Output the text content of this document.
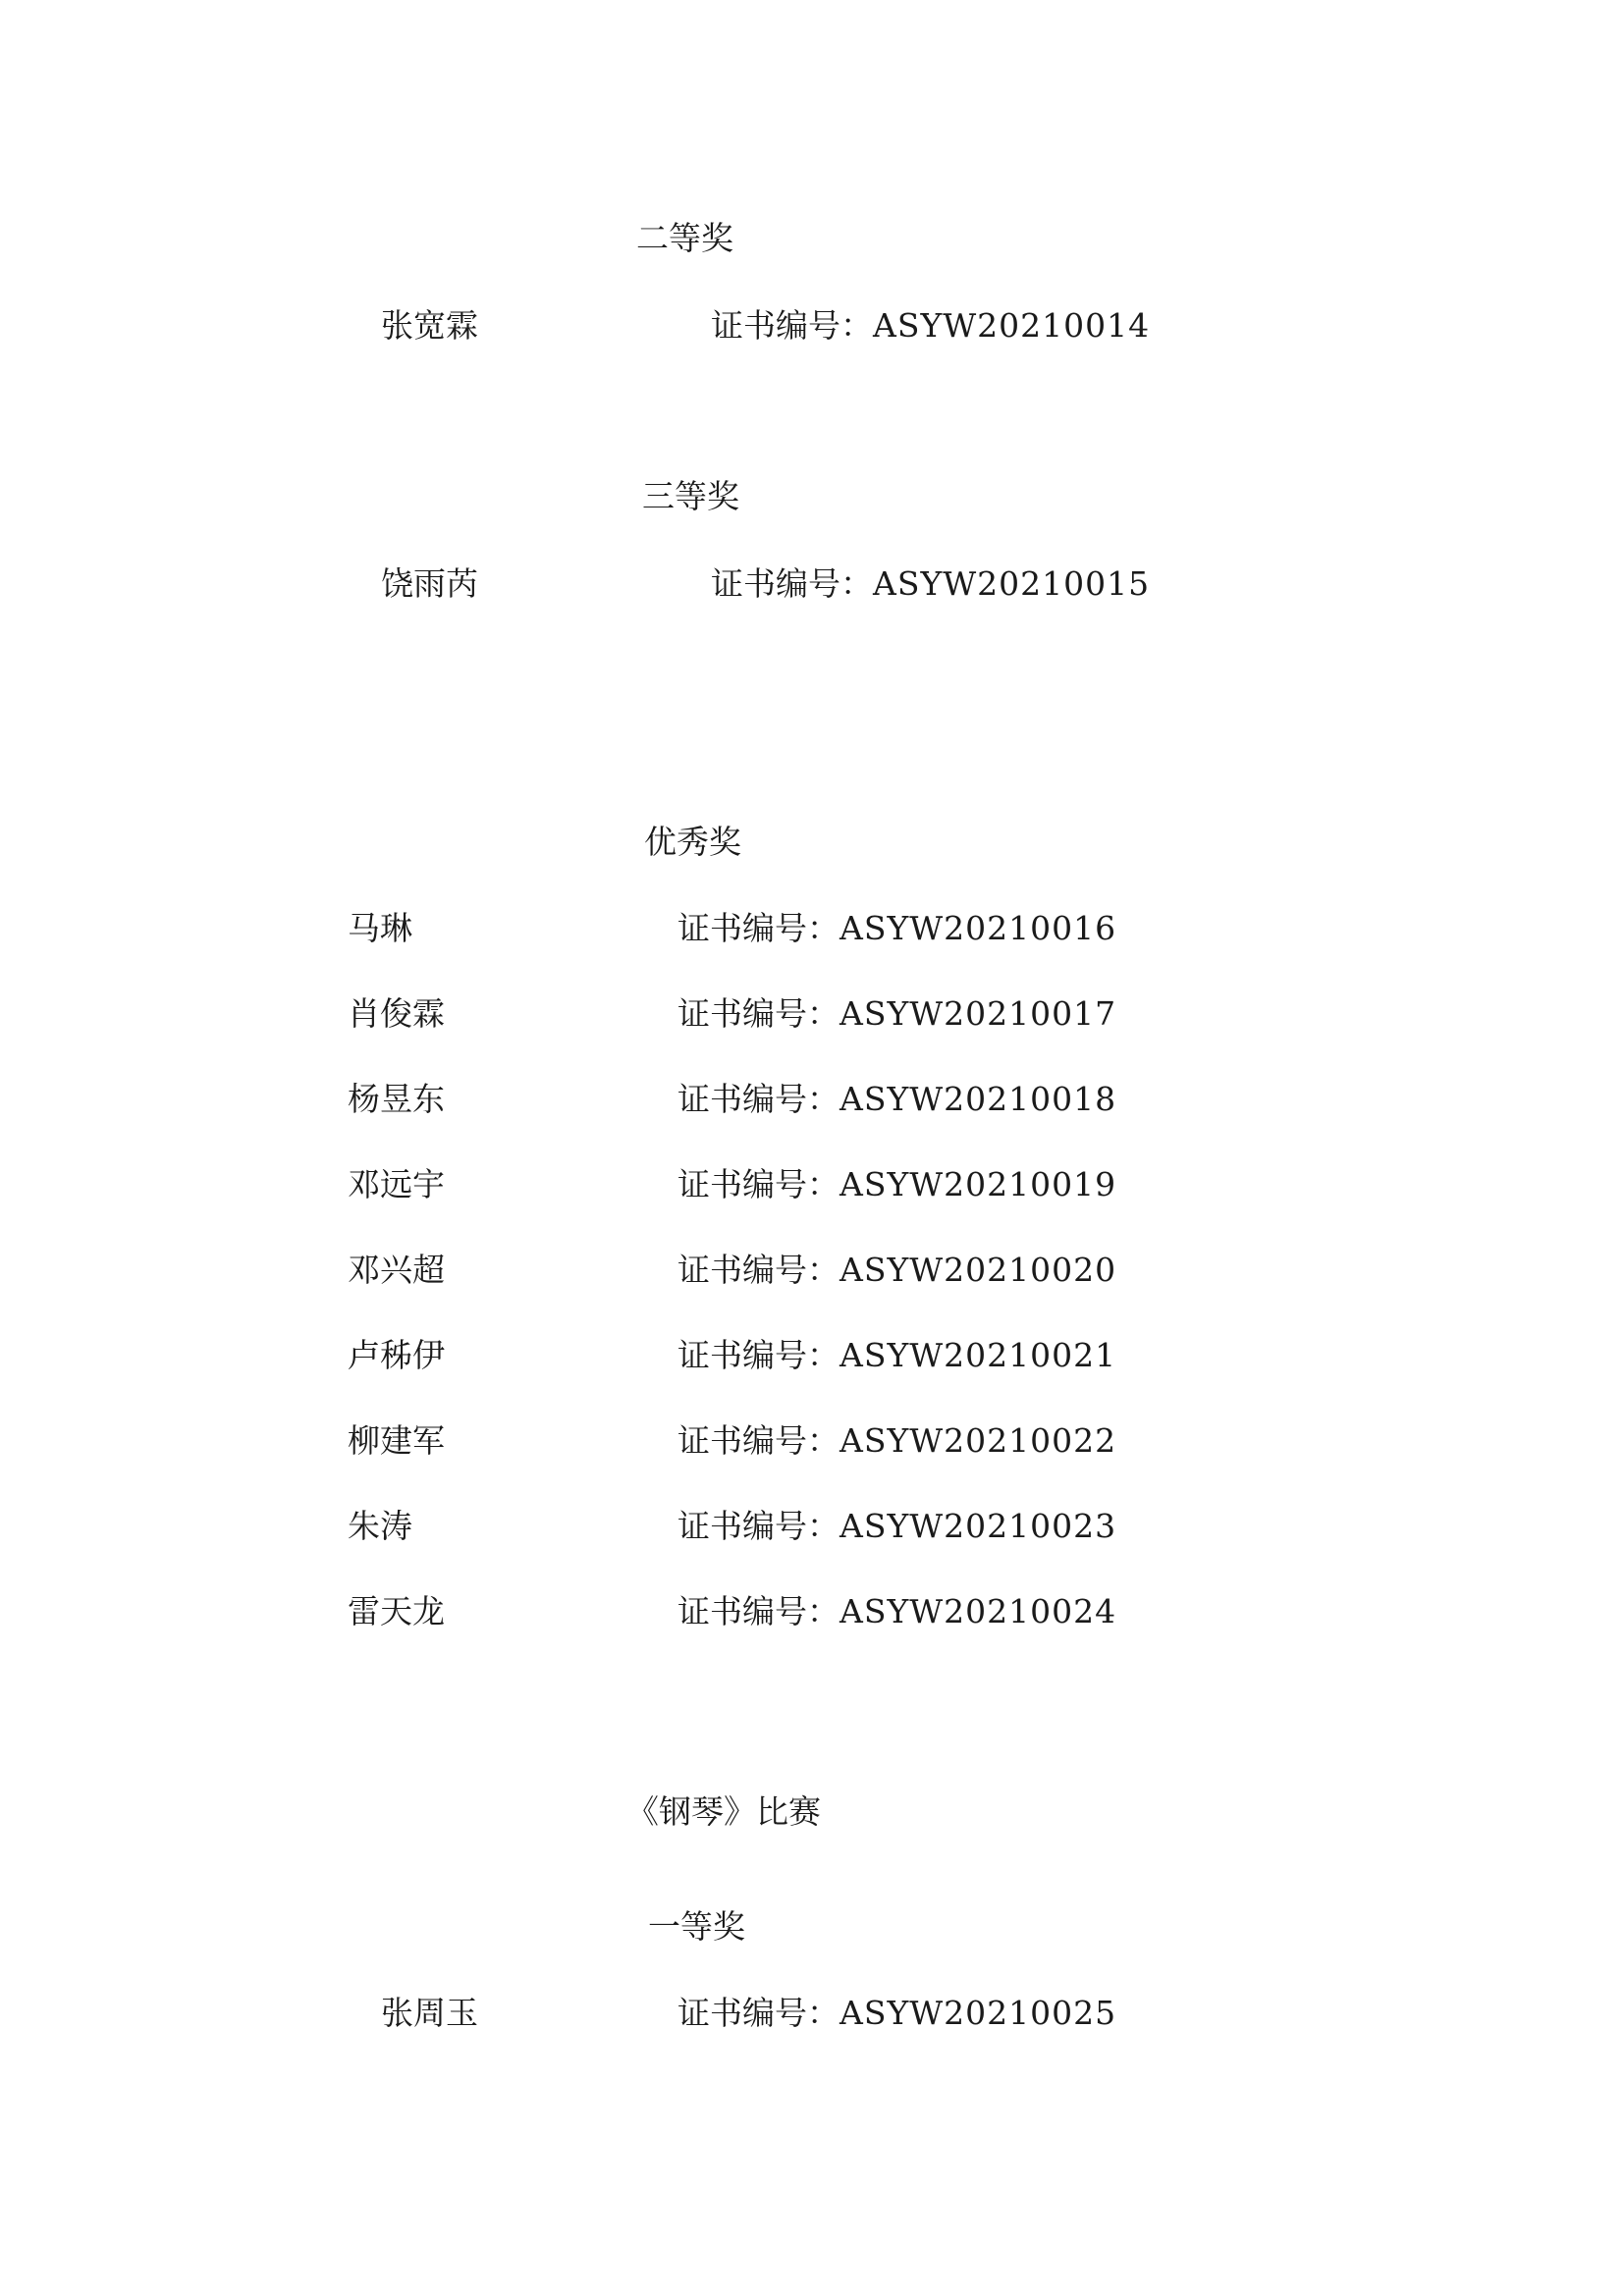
二等奖
张宽霖	证书编号：ASYW20210014
三等奖
饶雨芮	证书编号：ASYW20210015
优秀奖
马琳	证书编号：ASYW20210016
肖俊霖	证书编号：ASYW20210017
杨昱东	证书编号：ASYW20210018
邓远宇	证书编号：ASYW20210019
邓兴超	证书编号：ASYW20210020
卢秭伊	证书编号：ASYW20210021
柳建军	证书编号：ASYW20210022
朱涛	证书编号：ASYW20210023
雷天龙	证书编号：ASYW20210024
《钢琴》比赛
一等奖
张周玉	证书编号：ASYW20210025
